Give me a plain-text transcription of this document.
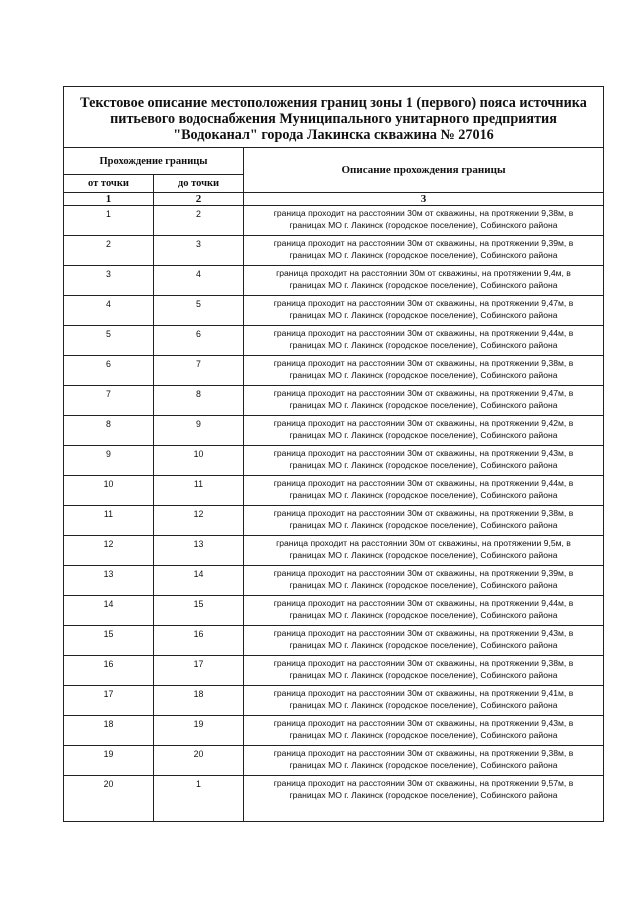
Текстовое описание местоположения границ зоны 1 (первого) пояса источника
питьевого водоснабжения Муниципального унитарного предприятия
"Водоканал" города Лакинска скважина № 27016		

Прохождение границы		Описание прохождения границы
от точки	до точки	
1	2	3
1	2	граница проходит на расстоянии 30м от скважины, на протяжении 9,38м, в
границах МО г. Лакинск (городское поселение), Собинского района

2	3	граница проходит на расстоянии 30м от скважины, на протяжении 9,39м, в
границах МО г. Лакинск (городское поселение), Собинского района

3	4	граница проходит на расстоянии 30м от скважины, на протяжении 9,4м, в
границах МО г. Лакинск (городское поселение), Собинского района

4	5	граница проходит на расстоянии 30м от скважины, на протяжении 9,47м, в
границах МО г. Лакинск (городское поселение), Собинского района

5	6	граница проходит на расстоянии 30м от скважины, на протяжении 9,44м, в
границах МО г. Лакинск (городское поселение), Собинского района

6	7	граница проходит на расстоянии 30м от скважины, на протяжении 9,38м, в
границах МО г. Лакинск (городское поселение), Собинского района

7	8	граница проходит на расстоянии 30м от скважины, на протяжении 9,47м, в
границах МО г. Лакинск (городское поселение), Собинского района

8	9	граница проходит на расстоянии 30м от скважины, на протяжении 9,42м, в
границах МО г. Лакинск (городское поселение), Собинского района

9	10	граница проходит на расстоянии 30м от скважины, на протяжении 9,43м, в
границах МО г. Лакинск (городское поселение), Собинского района

10	11	граница проходит на расстоянии 30м от скважины, на протяжении 9,44м, в
границах МО г. Лакинск (городское поселение), Собинского района

11	12	граница проходит на расстоянии 30м от скважины, на протяжении 9,38м, в
границах МО г. Лакинск (городское поселение), Собинского района

12	13	граница проходит на расстоянии 30м от скважины, на протяжении 9,5м, в
границах МО г. Лакинск (городское поселение), Собинского района

13	14	граница проходит на расстоянии 30м от скважины, на протяжении 9,39м, в
границах МО г. Лакинск (городское поселение), Собинского района

14	15	граница проходит на расстоянии 30м от скважины, на протяжении 9,44м, в
границах МО г. Лакинск (городское поселение), Собинского района

15	16	граница проходит на расстоянии 30м от скважины, на протяжении 9,43м, в
границах МО г. Лакинск (городское поселение), Собинского района

16	17	граница проходит на расстоянии 30м от скважины, на протяжении 9,38м, в
границах МО г. Лакинск (городское поселение), Собинского района

17	18	граница проходит на расстоянии 30м от скважины, на протяжении 9,41м, в
границах МО г. Лакинск (городское поселение), Собинского района

18	19	граница проходит на расстоянии 30м от скважины, на протяжении 9,43м, в
границах МО г. Лакинск (городское поселение), Собинского района

19	20	граница проходит на расстоянии 30м от скважины, на протяжении 9,38м, в
границах МО г. Лакинск (городское поселение), Собинского района

20	1	граница проходит на расстоянии 30м от скважины, на протяжении 9,57м, в
границах МО г. Лакинск (городское поселение), Собинского района
